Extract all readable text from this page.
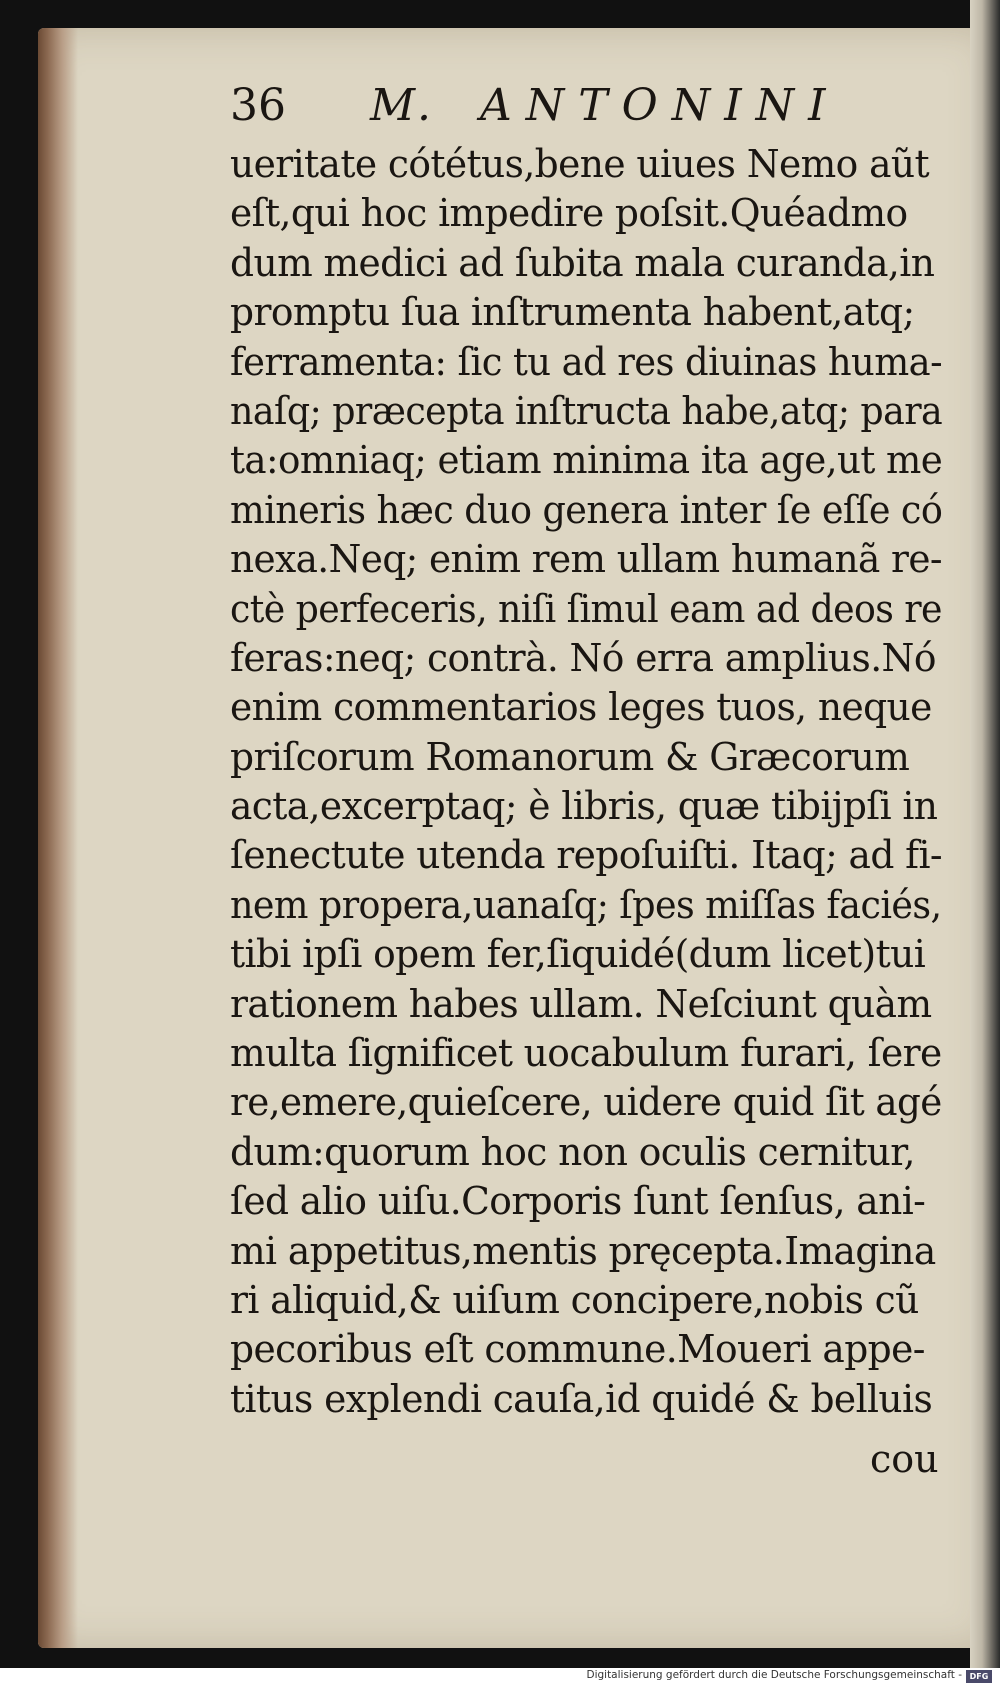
36 M. ANTONINI
ueritate cótétus,bene uiues Nemo aũt
eſt,qui hoc impedire poſsit.Quéadmo
dum medici ad ſubita mala curanda,in
promptu ſua inſtrumenta habent,atq;
ferramenta: ſic tu ad res diuinas huma-
naſq; præcepta inſtructa habe,atq; para
ta:omniaq; etiam minima ita age,ut me
mineris hæc duo genera inter ſe eſſe có
nexa.Neq; enim rem ullam humanã re-
ctè perfeceris, niſi ſimul eam ad deos re
feras:neq; contrà. Nó erra amplius.Nó
enim commentarios leges tuos, neque
priſcorum Romanorum & Græcorum
acta,excerptaq; è libris, quæ tibijpſi in
ſenectute utenda repoſuiſti. Itaq; ad fi-
nem propera,uanaſq; ſpes miſſas faciés,
tibi ipſi opem fer,ſiquidé(dum licet)tui
rationem habes ullam. Neſciunt quàm
multa ſignificet uocabulum furari, ſere
re,emere,quieſcere, uidere quid ſit agé
dum:quorum hoc non oculis cernitur,
ſed alio uiſu.Corporis ſunt ſenſus, ani-
mi appetitus,mentis pręcepta.Imagina
ri aliquid,& uiſum concipere,nobis cũ
pecoribus eſt commune.Moueri appe-
titus explendi cauſa,id quidé & belluis
cou
Digitalisierung gefördert durch die Deutsche Forschungsgemeinschaft - DFG
